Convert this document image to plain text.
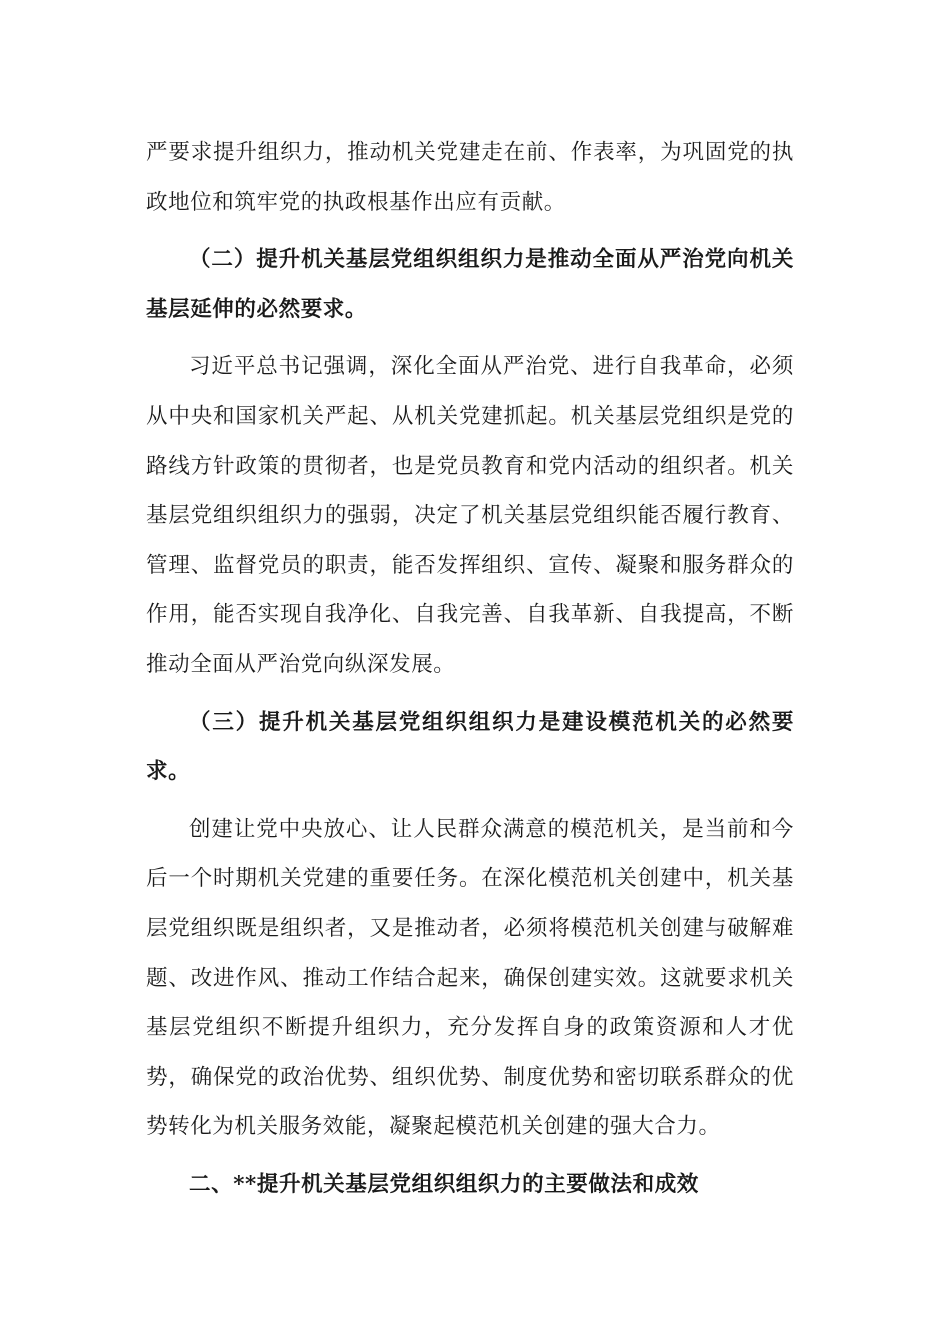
严要求提升组织力，推动机关党建走在前、作表率，为巩固党的执政地位和筑牢党的执政根基作出应有贡献。

（二）提升机关基层党组织组织力是推动全面从严治党向机关基层延伸的必然要求。

习近平总书记强调，深化全面从严治党、进行自我革命，必须从中央和国家机关严起、从机关党建抓起。机关基层党组织是党的路线方针政策的贯彻者，也是党员教育和党内活动的组织者。机关基层党组织组织力的强弱，决定了机关基层党组织能否履行教育、管理、监督党员的职责，能否发挥组织、宣传、凝聚和服务群众的作用，能否实现自我净化、自我完善、自我革新、自我提高，不断推动全面从严治党向纵深发展。

（三）提升机关基层党组织组织力是建设模范机关的必然要求。

创建让党中央放心、让人民群众满意的模范机关，是当前和今后一个时期机关党建的重要任务。在深化模范机关创建中，机关基层党组织既是组织者，又是推动者，必须将模范机关创建与破解难题、改进作风、推动工作结合起来，确保创建实效。这就要求机关基层党组织不断提升组织力，充分发挥自身的政策资源和人才优势，确保党的政治优势、组织优势、制度优势和密切联系群众的优势转化为机关服务效能，凝聚起模范机关创建的强大合力。

二、**提升机关基层党组织组织力的主要做法和成效
